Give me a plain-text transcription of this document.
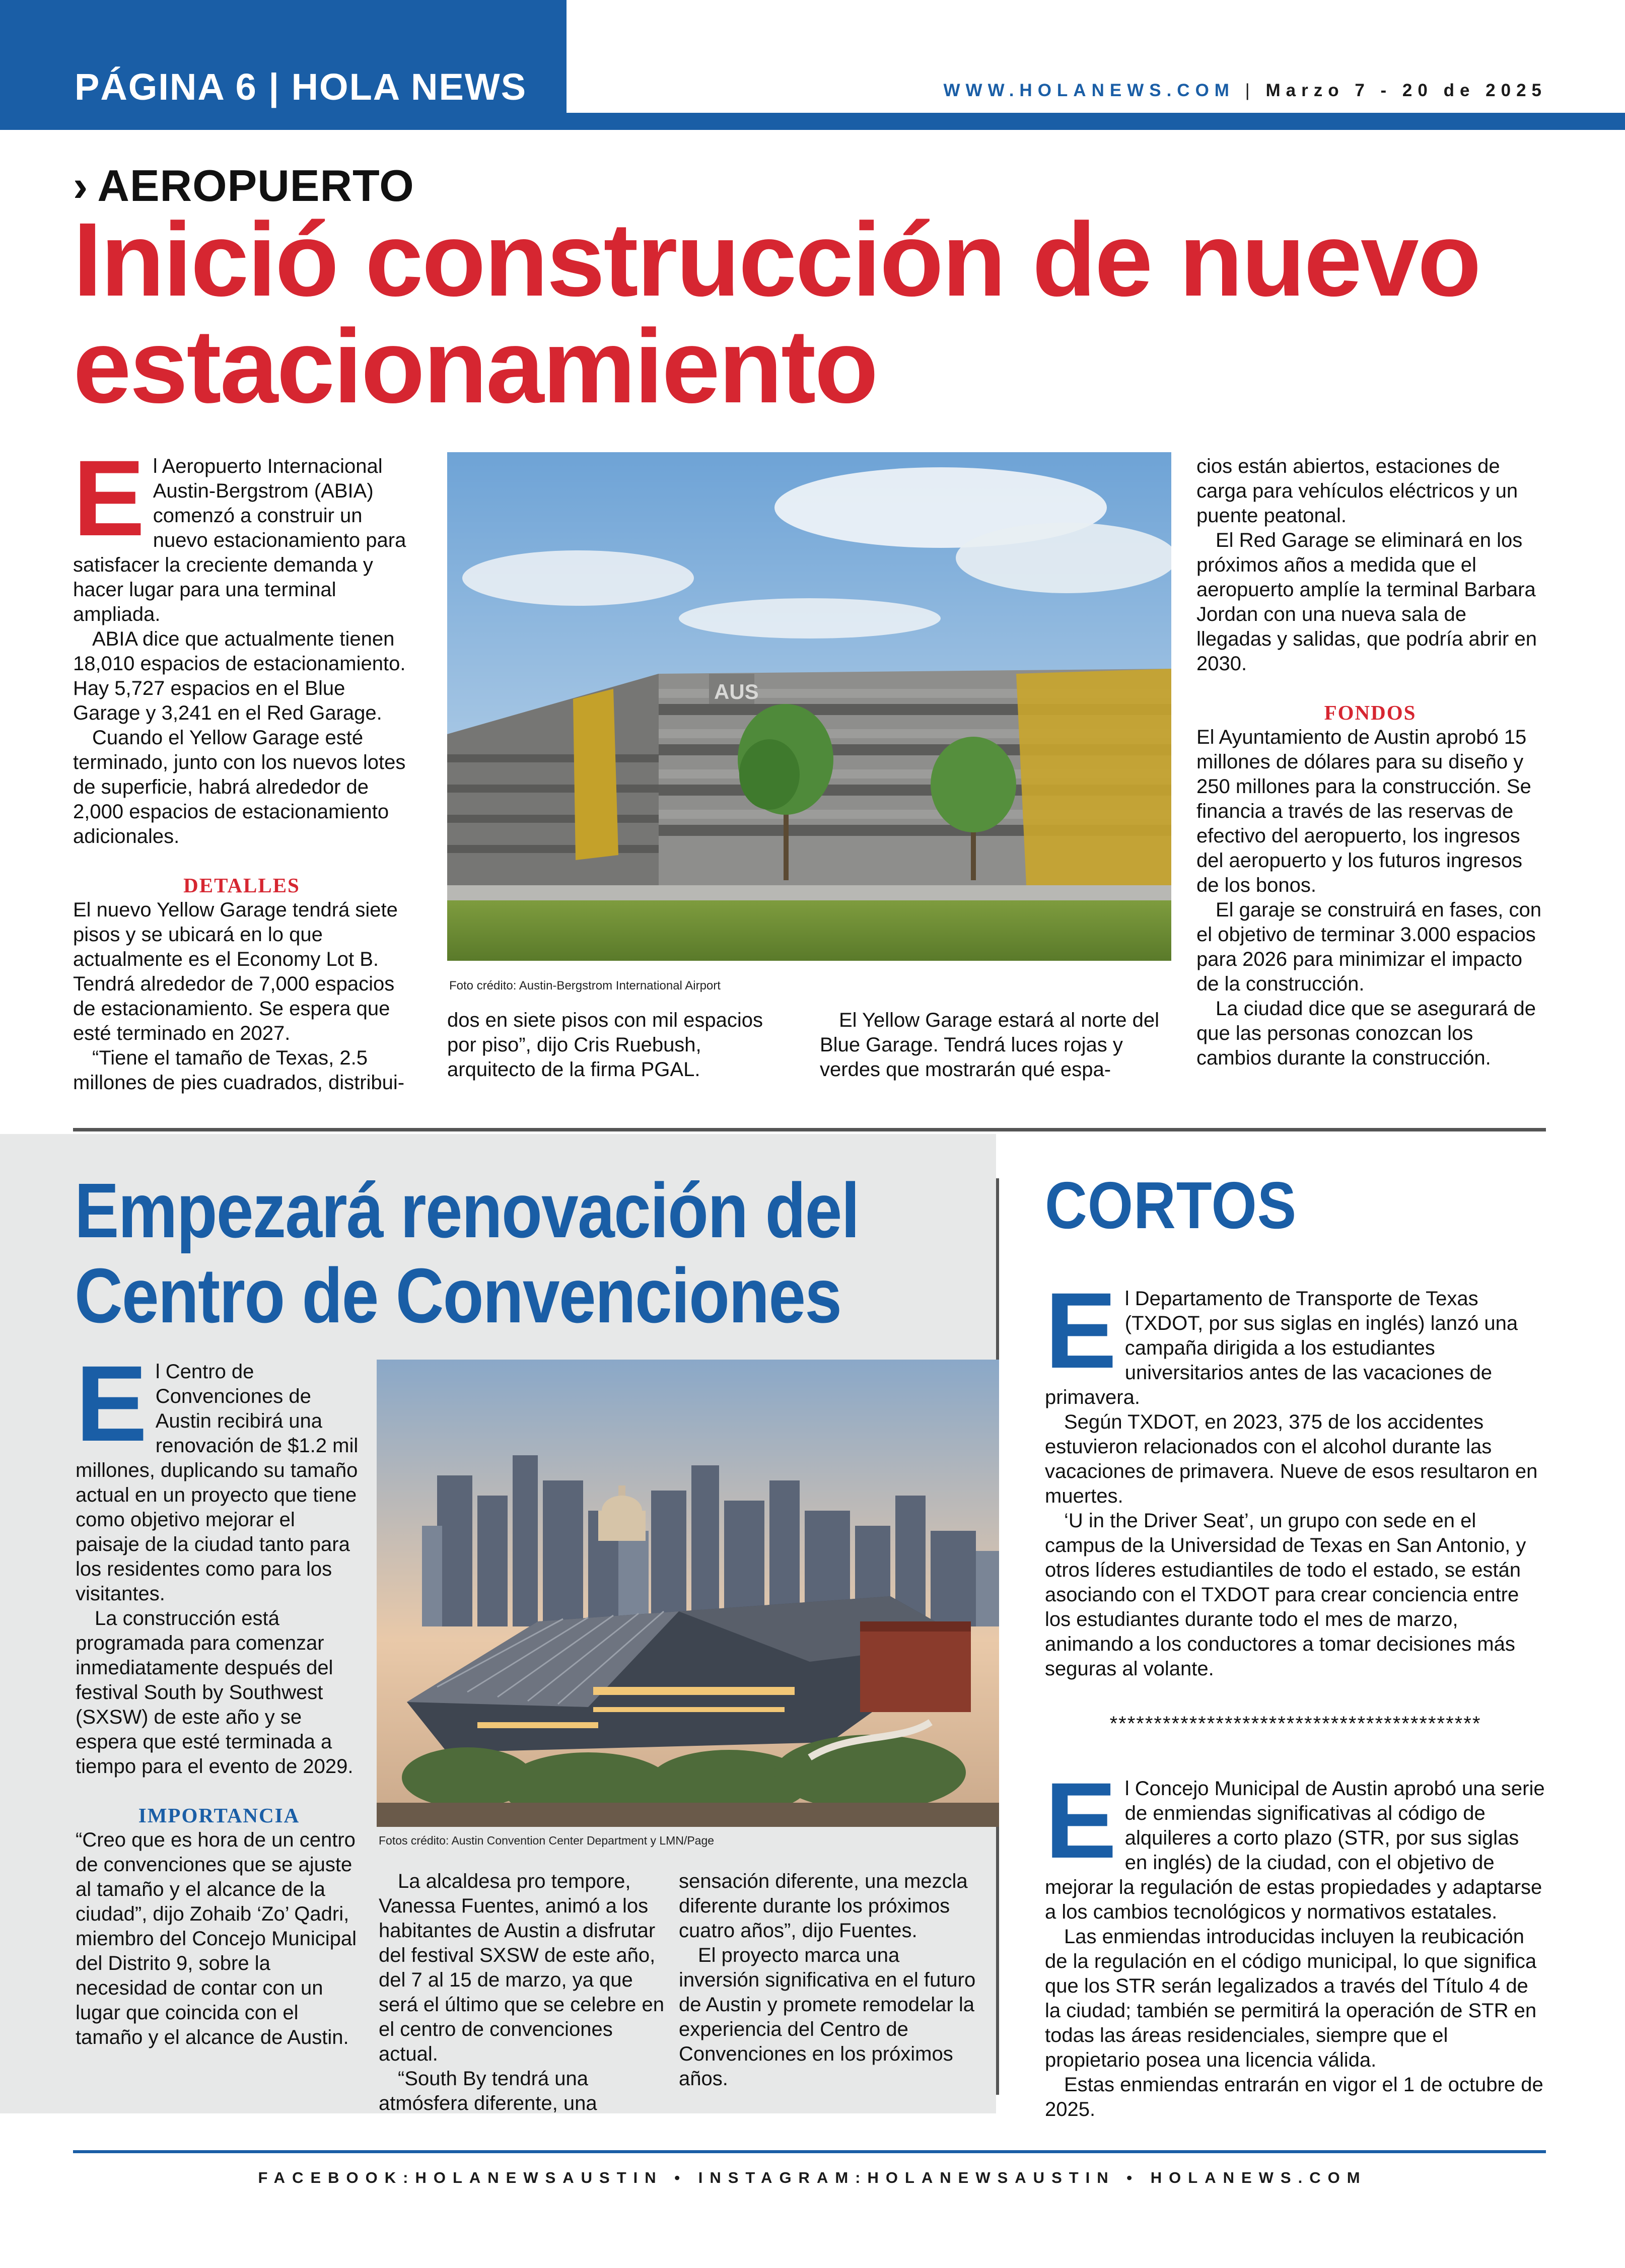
PÁGINA 6 | HOLA NEWS	WWW.HOLANEWS.COM | Marzo 7 - 20 de 2025
› AEROPUERTO
Inició construcción de nuevo estacionamiento

El Aeropuerto Internacional Austin-Bergstrom (ABIA) comenzó a construir un nuevo estacionamiento para satisfacer la creciente demanda y hacer lugar para una terminal ampliada.

ABIA dice que actualmente tienen 18,010 espacios de estacionamiento. Hay 5,727 espacios en el Blue Garage y 3,241 en el Red Garage.

Cuando el Yellow Garage esté terminado, junto con los nuevos lotes de superficie, habrá alrededor de 2,000 espacios de estacionamiento adicionales.

DETALLES

El nuevo Yellow Garage tendrá siete pisos y se ubicará en lo que actualmente es el Economy Lot B. Tendrá alrededor de 7,000 espacios de estacionamiento. Se espera que esté terminado en 2027.

“Tiene el tamaño de Texas, 2.5 millones de pies cuadrados, distribui-

AUS
Foto crédito: Austin-Bergstrom International Airport

dos en siete pisos con mil espacios por piso”, dijo Cris Ruebush, arquitecto de la firma PGAL.

El Yellow Garage estará al norte del Blue Garage. Tendrá luces rojas y verdes que mostrarán qué espa-

cios están abiertos, estaciones de carga para vehículos eléctricos y un puente peatonal.

El Red Garage se eliminará en los próximos años a medida que el aeropuerto amplíe la terminal Barbara Jordan con una nueva sala de llegadas y salidas, que podría abrir en 2030.

FONDOS

El Ayuntamiento de Austin aprobó 15 millones de dólares para su diseño y 250 millones para la construcción. Se financia a través de las reservas de efectivo del aeropuerto, los ingresos del aeropuerto y los futuros ingresos de los bonos.

El garaje se construirá en fases, con el objetivo de terminar 3.000 espacios para 2026 para minimizar el impacto de la construcción.

La ciudad dice que se asegurará de que las personas conozcan los cambios durante la construcción.

Empezará renovación del Centro de Convenciones

El Centro de Convenciones de Austin recibirá una renovación de $1.2 mil millones, duplicando su tamaño actual en un proyecto que tiene como objetivo mejorar el paisaje de la ciudad tanto para los residentes como para los visitantes.

La construcción está programada para comenzar inmediatamente después del festival South by Southwest (SXSW) de este año y se espera que esté terminada a tiempo para el evento de 2029.

IMPORTANCIA

“Creo que es hora de un centro de convenciones que se ajuste al tamaño y el alcance de la ciudad”, dijo Zohaib ‘Zo’ Qadri, miembro del Concejo Municipal del Distrito 9, sobre la necesidad de contar con un lugar que coincida con el tamaño y el alcance de Austin.

Fotos crédito: Austin Convention Center Department y LMN/Page

La alcaldesa pro tempore, Vanessa Fuentes, animó a los habitantes de Austin a disfrutar del festival SXSW de este año, del 7 al 15 de marzo, ya que será el último que se celebre en el centro de convenciones actual.

“South By tendrá una atmósfera diferente, una

sensación diferente, una mezcla diferente durante los próximos cuatro años”, dijo Fuentes.

El proyecto marca una inversión significativa en el futuro de Austin y promete remodelar la experiencia del Centro de Convenciones en los próximos años.

CORTOS

El Departamento de Transporte de Texas (TXDOT, por sus siglas en inglés) lanzó una campaña dirigida a los estudiantes universitarios antes de las vacaciones de primavera.

Según TXDOT, en 2023, 375 de los accidentes estuvieron relacionados con el alcohol durante las vacaciones de primavera. Nueve de esos resultaron en muertes.

‘U in the Driver Seat’, un grupo con sede en el campus de la Universidad de Texas en San Antonio, y otros líderes estudiantiles de todo el estado, se están asociando con el TXDOT para crear conciencia entre los estudiantes durante todo el mes de marzo, animando a los conductores a tomar decisiones más seguras al volante.

******************************************

El Concejo Municipal de Austin aprobó una serie de enmiendas significativas al código de alquileres a corto plazo (STR, por sus siglas en inglés) de la ciudad, con el objetivo de mejorar la regulación de estas propiedades y adaptarse a los cambios tecnológicos y normativos estatales.

Las enmiendas introducidas incluyen la reubicación de la regulación en el código municipal, lo que significa que los STR serán legalizados a través del Título 4 de la ciudad; también se permitirá la operación de STR en todas las áreas residenciales, siempre que el propietario posea una licencia válida.

Estas enmiendas entrarán en vigor el 1 de octubre de 2025.

FACEBOOK:HOLANEWSAUSTIN • INSTAGRAM:HOLANEWSAUSTIN • HOLANEWS.COM
